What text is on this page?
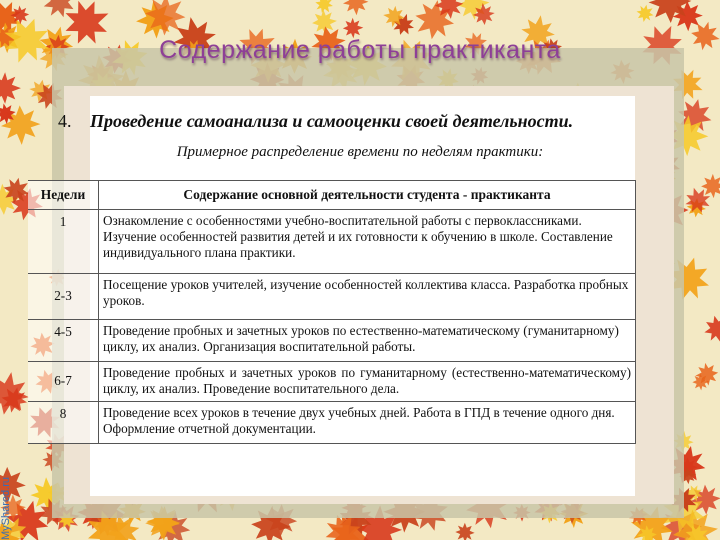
Содержание работы практиканта
4. Проведение самоанализа и самооценки своей деятельности.
Примерное распределение времени по неделям практики:
Недели	Содержание основной деятельности студента - практиканта
1	Ознакомление с особенностями учебно-воспитательной работы с первоклассниками. Изучение особенностей развития детей и их готовности к обучению в школе. Составление индивидуального плана практики.
2-3	Посещение уроков учителей, изучение особенностей коллектива класса. Разработка пробных уроков.
4-5	Проведение пробных и зачетных уроков по естественно-математическому (гуманитарному) циклу, их анализ. Организация воспитательной работы.
6-7	Проведение пробных и зачетных уроков по гуманитарному (естественно-математическому) циклу, их анализ. Проведение воспитательного дела.
8	Проведение всех уроков в течение двух учебных дней. Работа в ГПД в течение одного дня. Оформление отчетной документации.
MyShared.ru
